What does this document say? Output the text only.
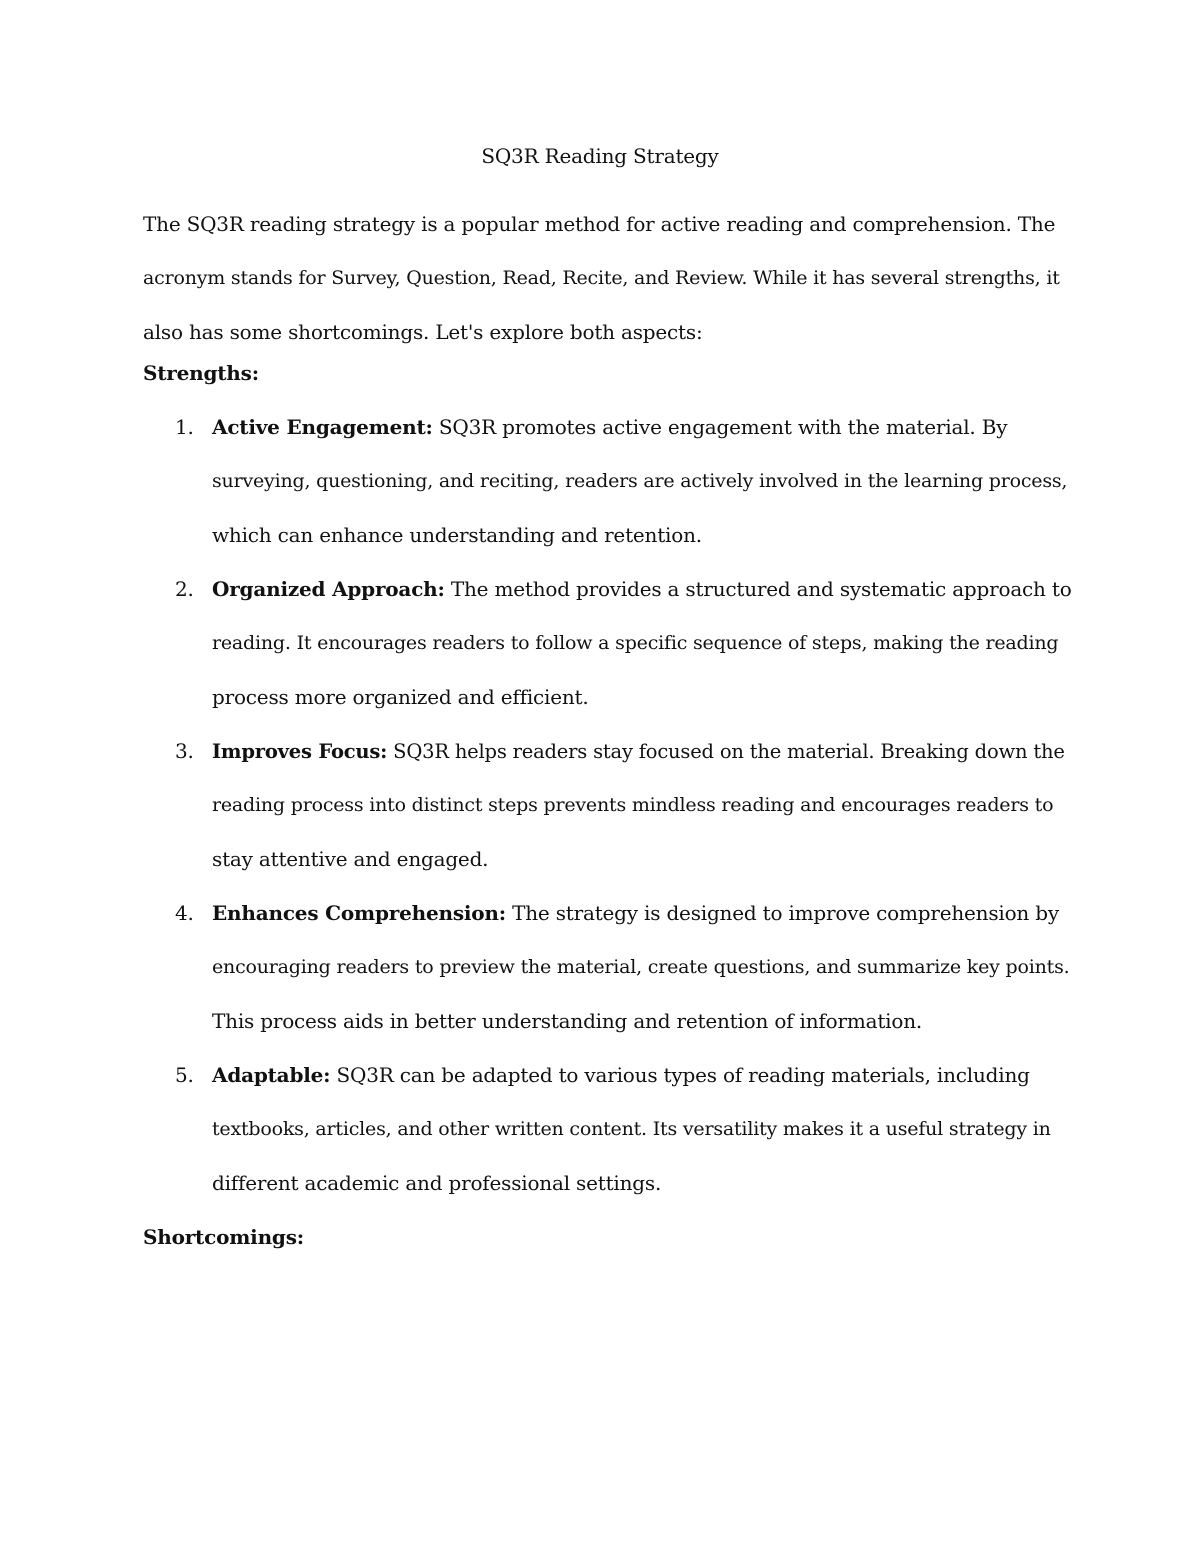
SQ3R Reading Strategy
The SQ3R reading strategy is a popular method for active reading and comprehension. The
acronym stands for Survey, Question, Read, Recite, and Review. While it has several strengths, it
also has some shortcomings. Let's explore both aspects:
Strengths:
1. Active Engagement: SQ3R promotes active engagement with the material. By
surveying, questioning, and reciting, readers are actively involved in the learning process,
which can enhance understanding and retention.
2. Organized Approach: The method provides a structured and systematic approach to
reading. It encourages readers to follow a specific sequence of steps, making the reading
process more organized and efficient.
3. Improves Focus: SQ3R helps readers stay focused on the material. Breaking down the
reading process into distinct steps prevents mindless reading and encourages readers to
stay attentive and engaged.
4. Enhances Comprehension: The strategy is designed to improve comprehension by
encouraging readers to preview the material, create questions, and summarize key points.
This process aids in better understanding and retention of information.
5. Adaptable: SQ3R can be adapted to various types of reading materials, including
textbooks, articles, and other written content. Its versatility makes it a useful strategy in
different academic and professional settings.
Shortcomings:
